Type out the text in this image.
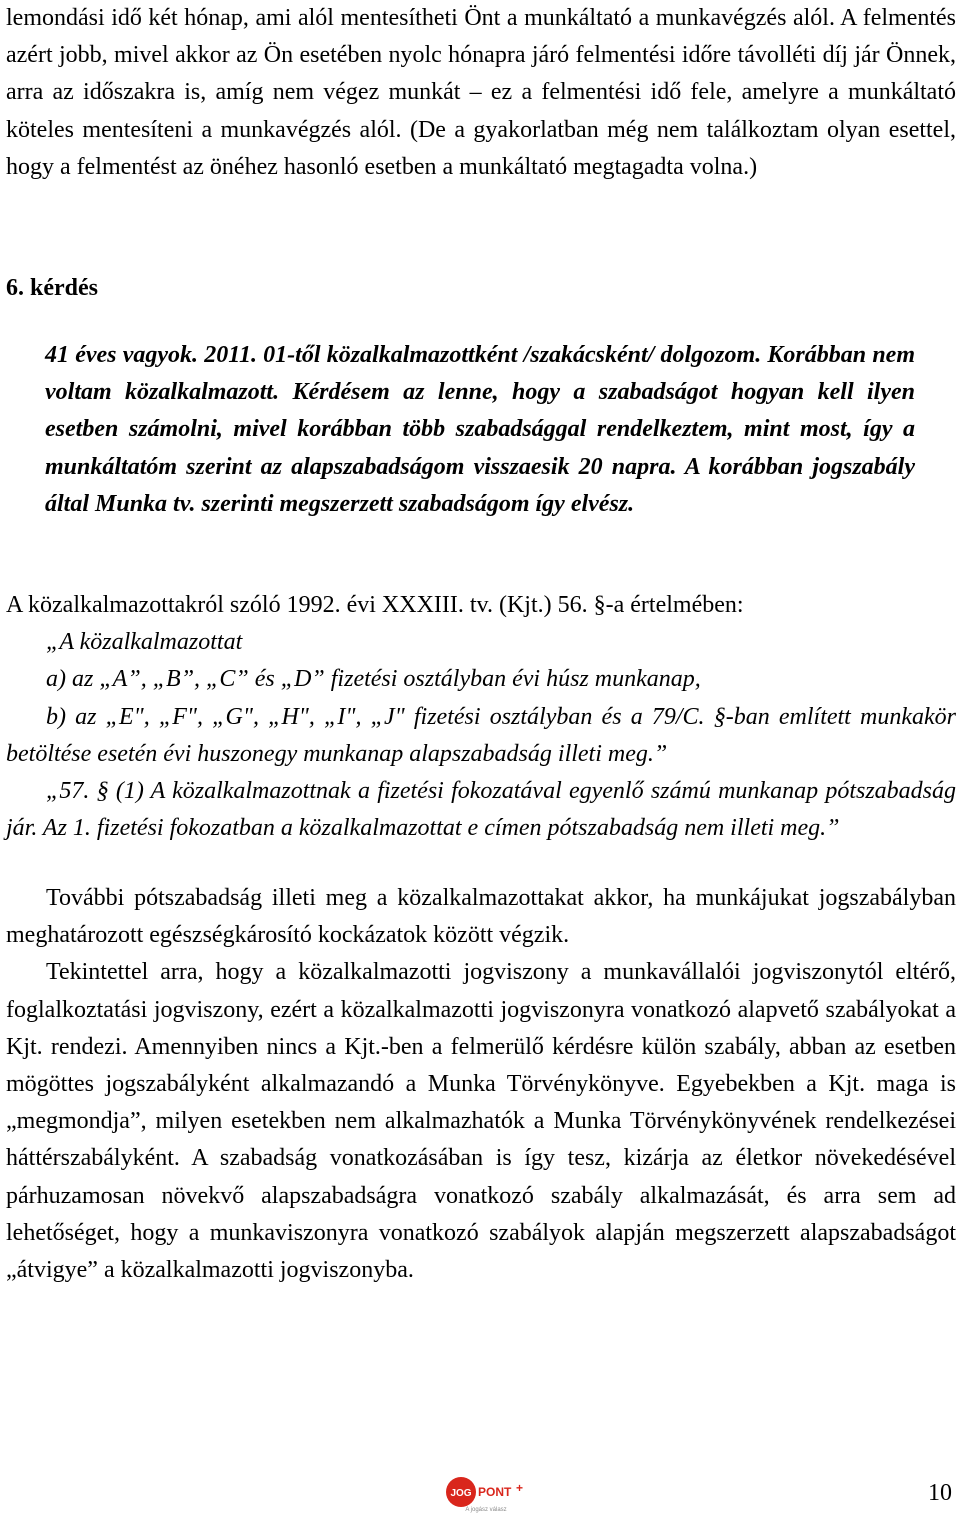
lemondási idő két hónap, ami alól mentesítheti Önt a munkáltató a munkavégzés alól. A felmentés azért jobb, mivel akkor az Ön esetében nyolc hónapra járó felmentési időre távolléti díj jár Önnek, arra az időszakra is, amíg nem végez munkát – ez a felmentési idő fele, amelyre a munkáltató köteles mentesíteni a munkavégzés alól. (De a gyakorlatban még nem találkoztam olyan esettel, hogy a felmentést az önéhez hasonló esetben a munkáltató megtagadta volna.)

6. kérdés
41 éves vagyok. 2011. 01-től közalkalmazottként /szakácsként/ dolgozom. Korábban nem voltam közalkalmazott. Kérdésem az lenne, hogy a szabadságot hogyan kell ilyen esetben számolni, mivel korábban több szabadsággal rendelkeztem, mint most, így a munkáltatóm szerint az alapszabadságom visszaesik 20 napra. A korábban jogszabály által Munka tv. szerinti megszerzett szabadságom így elvész.

A közalkalmazottakról szóló 1992. évi XXXIII. tv. (Kjt.) 56. §-a értelmében:

„A közalkalmazottat

a) az „A”, „B”, „C” és „D” fizetési osztályban évi húsz munkanap,

b) az „E", „F", „G", „H", „I", „J" fizetési osztályban és a 79/C. §-ban említett munkakör betöltése esetén évi huszonegy munkanap alapszabadság illeti meg.”

„57. § (1) A közalkalmazottnak a fizetési fokozatával egyenlő számú munkanap pótszabadság jár. Az 1. fizetési fokozatban a közalkalmazottat e címen pótszabadság nem illeti meg.”

További pótszabadság illeti meg a közalkalmazottakat akkor, ha munkájukat jogszabályban meghatározott egészségkárosító kockázatok között végzik.

Tekintettel arra, hogy a közalkalmazotti jogviszony a munkavállalói jogviszonytól eltérő, foglalkoztatási jogviszony, ezért a közalkalmazotti jogviszonyra vonatkozó alapvető szabályokat a Kjt. rendezi. Amennyiben nincs a Kjt.-ben a felmerülő kérdésre külön szabály, abban az esetben mögöttes jogszabályként alkalmazandó a Munka Törvénykönyve. Egyebekben a Kjt. maga is „megmondja”, milyen esetekben nem alkalmazhatók a Munka Törvénykönyvének rendelkezései háttérszabályként. A szabadság vonatkozásában is így tesz, kizárja az életkor növekedésével párhuzamosan növekvő alapszabadságra vonatkozó szabály alkalmazását, és arra sem ad lehetőséget, hogy a munkaviszonyra vonatkozó szabályok alapján megszerzett alapszabadságot „átvigye” a közalkalmazotti jogviszonyba.

JOG PONT +
A jogász válasz
10
